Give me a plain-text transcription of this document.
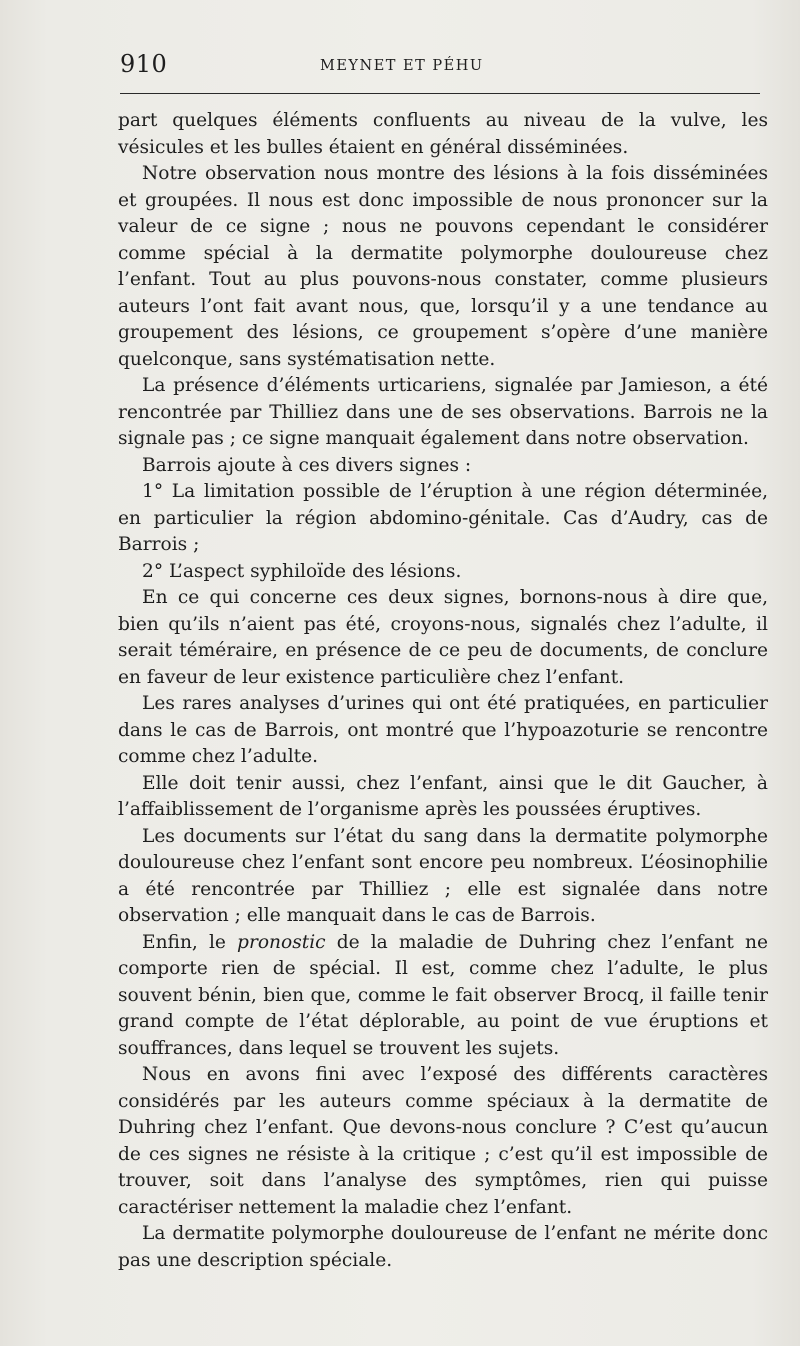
910	MEYNET ET PÉHU

part quelques éléments confluents au niveau de la vulve, les vésicules et les bulles étaient en général disséminées.

Notre observation nous montre des lésions à la fois disséminées et groupées. Il nous est donc impossible de nous prononcer sur la valeur de ce signe ; nous ne pouvons cependant le considérer comme spécial à la dermatite polymorphe douloureuse chez l’enfant. Tout au plus pouvons-nous constater, comme plusieurs auteurs l’ont fait avant nous, que, lorsqu’il y a une tendance au groupement des lésions, ce groupement s’opère d’une manière quelconque, sans systématisation nette.

La présence d’éléments urticariens, signalée par Jamieson, a été rencontrée par Thilliez dans une de ses observations. Barrois ne la signale pas ; ce signe manquait également dans notre observation.

Barrois ajoute à ces divers signes :

1° La limitation possible de l’éruption à une région déterminée, en particulier la région abdomino-génitale. Cas d’Audry, cas de Barrois ;

2° L’aspect syphiloïde des lésions.

En ce qui concerne ces deux signes, bornons-nous à dire que, bien qu’ils n’aient pas été, croyons-nous, signalés chez l’adulte, il serait téméraire, en présence de ce peu de documents, de conclure en faveur de leur existence particulière chez l’enfant.

Les rares analyses d’urines qui ont été pratiquées, en particulier dans le cas de Barrois, ont montré que l’hypoazoturie se rencontre comme chez l’adulte.

Elle doit tenir aussi, chez l’enfant, ainsi que le dit Gaucher, à l’affaiblissement de l’organisme après les poussées éruptives.

Les documents sur l’état du sang dans la dermatite polymorphe douloureuse chez l’enfant sont encore peu nombreux. L’éosinophilie a été rencontrée par Thilliez ; elle est signalée dans notre observation ; elle manquait dans le cas de Barrois.

Enfin, le pronostic de la maladie de Duhring chez l’enfant ne comporte rien de spécial. Il est, comme chez l’adulte, le plus souvent bénin, bien que, comme le fait observer Brocq, il faille tenir grand compte de l’état déplorable, au point de vue éruptions et souffrances, dans lequel se trouvent les sujets.

Nous en avons fini avec l’exposé des différents caractères considérés par les auteurs comme spéciaux à la dermatite de Duhring chez l’enfant. Que devons-nous conclure ? C’est qu’aucun de ces signes ne résiste à la critique ; c’est qu’il est impossible de trouver, soit dans l’analyse des symptômes, rien qui puisse caractériser nettement la maladie chez l’enfant.

La dermatite polymorphe douloureuse de l’enfant ne mérite donc pas une description spéciale.
